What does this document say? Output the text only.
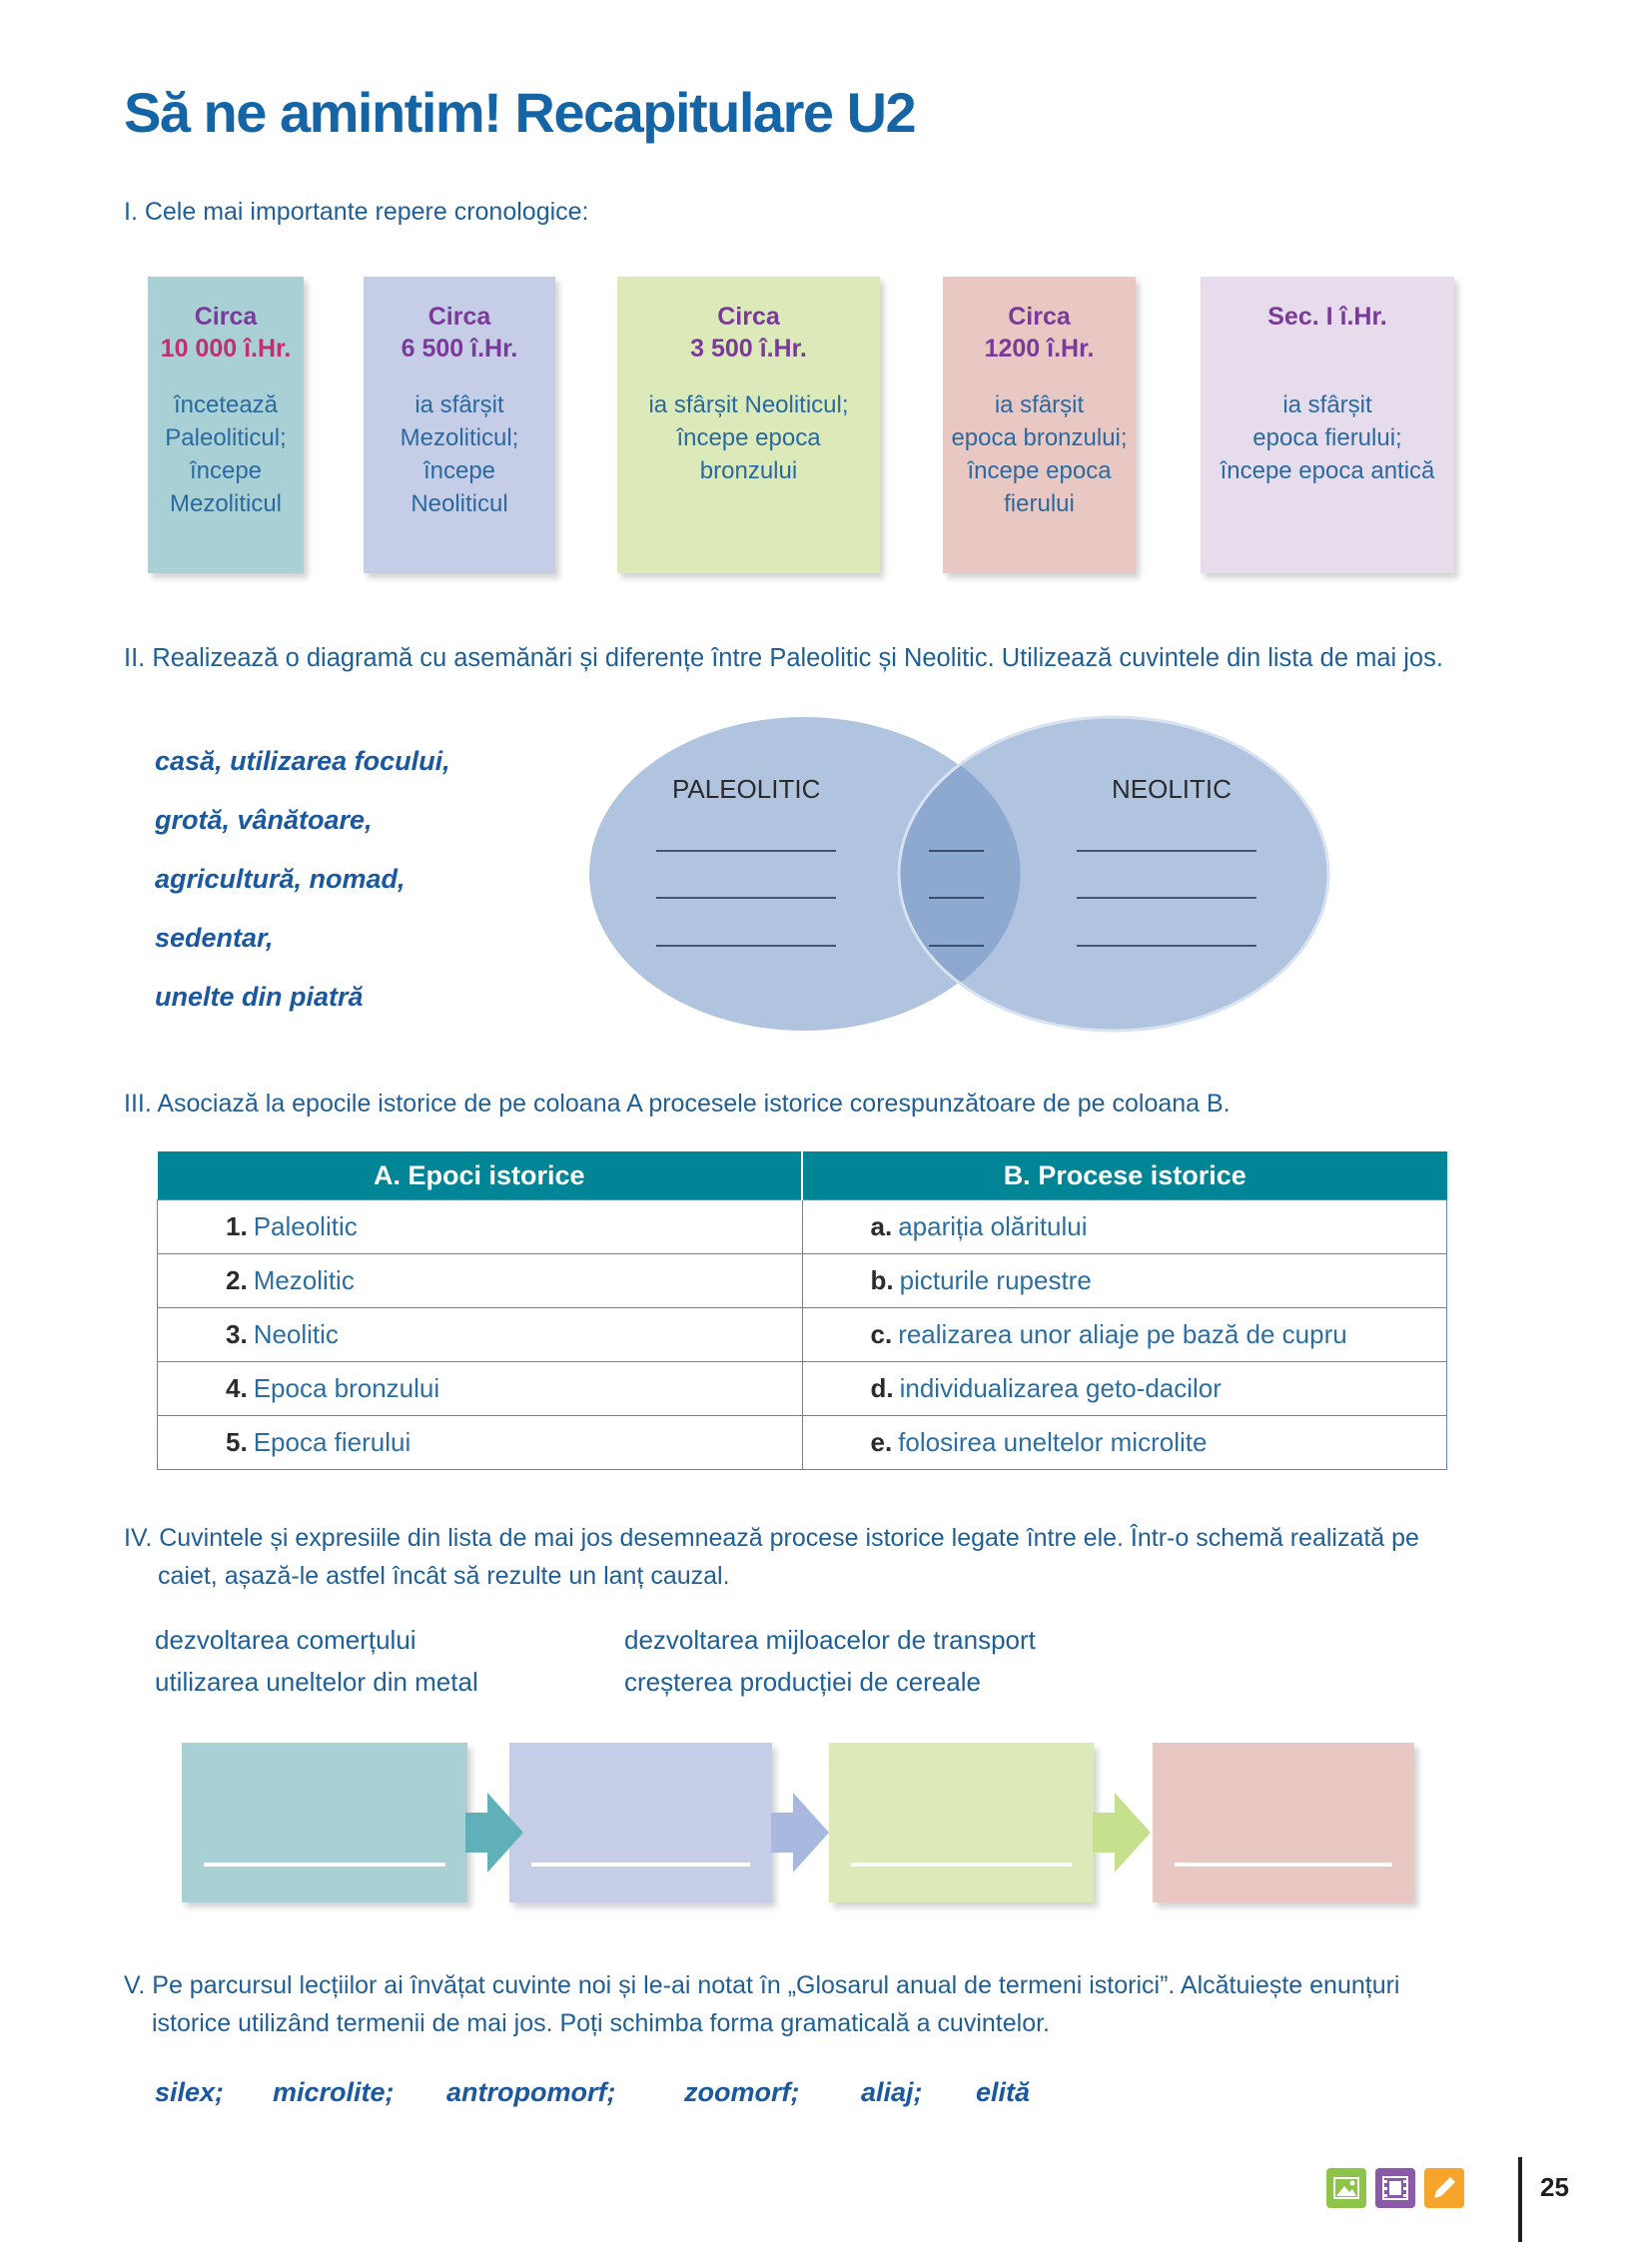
Să ne amintim! Recapitulare U2
I. Cele mai importante repere cronologice:
Circa
10 000 î.Hr.
încetează
Paleoliticul;
începe
Mezoliticul
Circa
6 500 î.Hr.
ia sfârșit
Mezoliticul;
începe
Neoliticul
Circa
3 500 î.Hr.
ia sfârșit Neoliticul;
începe epoca
bronzului
Circa
1200 î.Hr.
ia sfârșit
epoca bronzului;
începe epoca
fierului
Sec. I î.Hr.
ia sfârșit
epoca fierului;
începe epoca antică
II. Realizează o diagramă cu asemănări și diferențe între Paleolitic și Neolitic. Utilizează cuvintele din lista de mai jos.
casă, utilizarea focului,
grotă, vânătoare,
agricultură, nomad,
sedentar,
unelte din piatră
PALEOLITIC	NEOLITIC
III. Asociază la epocile istorice de pe coloana A procesele istorice corespunzătoare de pe coloana B.
A. Epoci istorice	B. Procese istorice
1. Paleolitic	a. apariția olăritului
2. Mezolitic	b. picturile rupestre
3. Neolitic	c. realizarea unor aliaje pe bază de cupru
4. Epoca bronzului	d. individualizarea geto-dacilor
5. Epoca fierului	e. folosirea uneltelor microlite
IV. Cuvintele și expresiile din lista de mai jos desemnează procese istorice legate între ele. Într-o schemă realizată pe
caiet, așază-le astfel încât să rezulte un lanț cauzal.
dezvoltarea comerțului
utilizarea uneltelor din metal
dezvoltarea mijloacelor de transport
creșterea producției de cereale
V. Pe parcursul lecțiilor ai învățat cuvinte noi și le-ai notat în „Glosarul anual de termeni istorici”. Alcătuiește enunțuri
istorice utilizând termenii de mai jos. Poți schimba forma gramaticală a cuvintelor.
silex; microlite; antropomorf;	zoomorf; aliaj; elită
25
